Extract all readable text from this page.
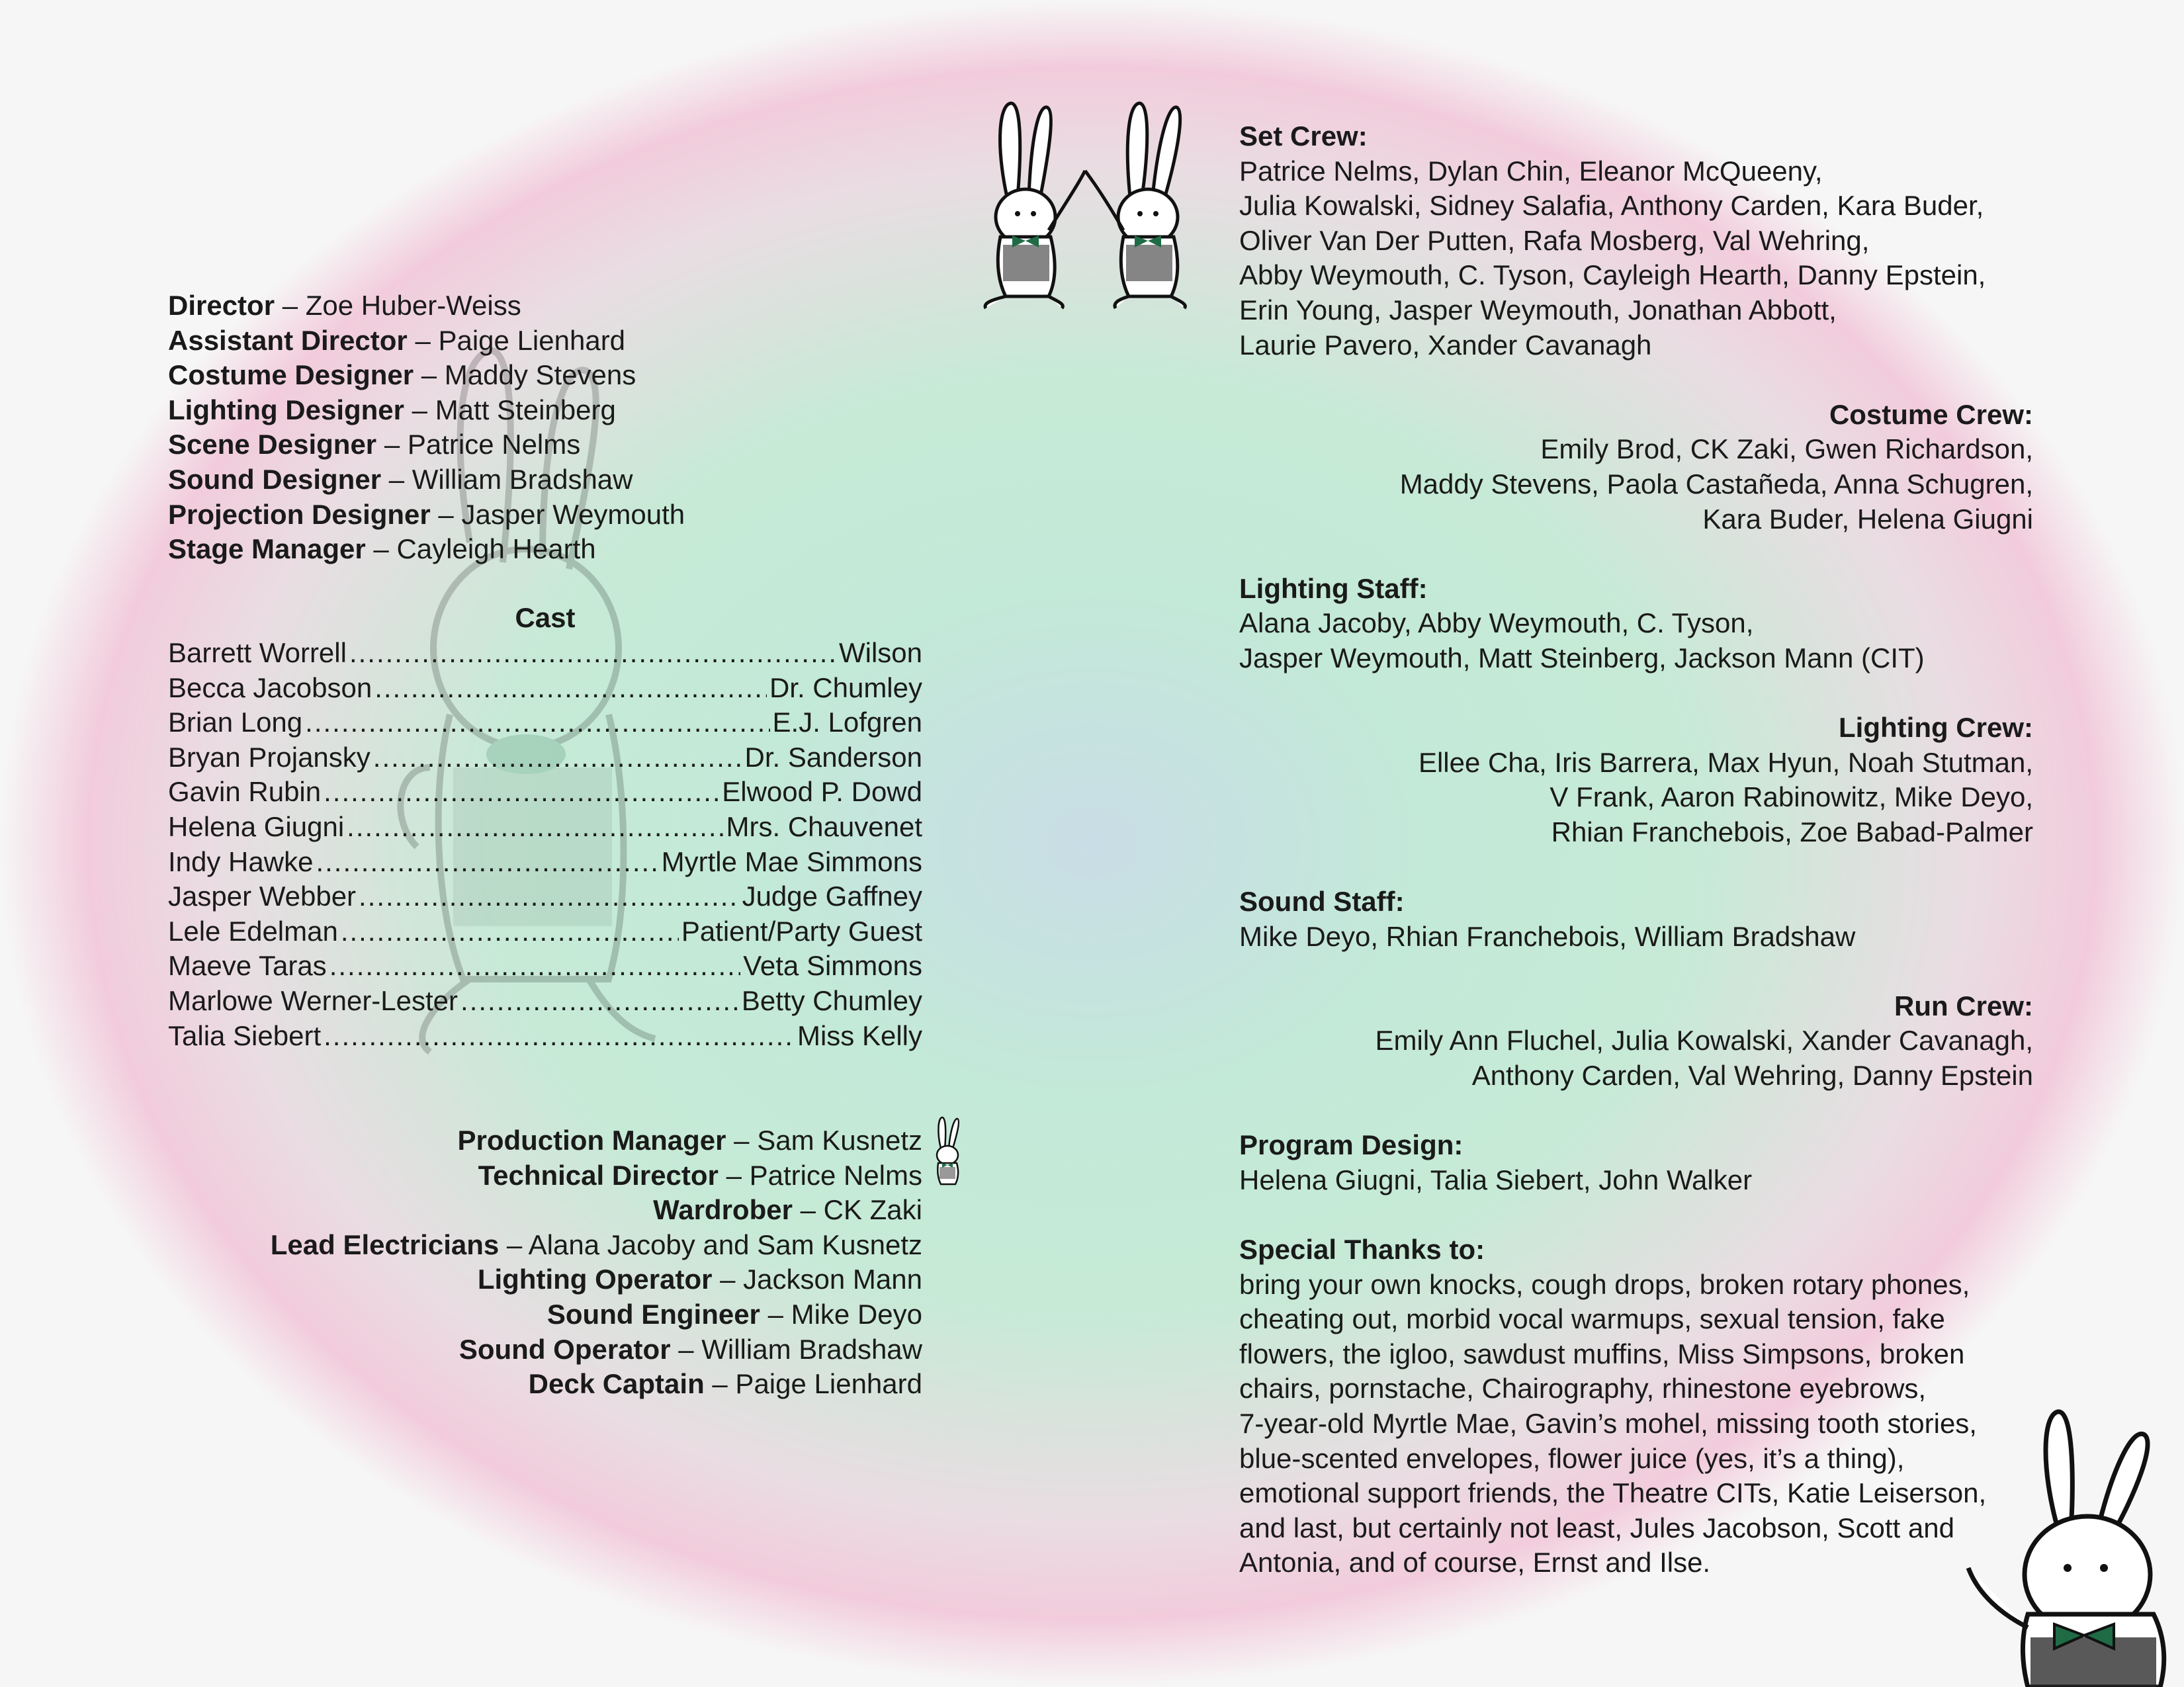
Director – Zoe Huber-Weiss
Assistant Director – Paige Lienhard
Costume Designer – Maddy Stevens
Lighting Designer – Matt Steinberg
Scene Designer – Patrice Nelms
Sound Designer – William Bradshaw
Projection Designer – Jasper Weymouth
Stage Manager – Cayleigh Hearth
Cast
Barrett Worrell .....	Wilson
Becca Jacobson .....	Dr. Chumley
Brian Long .....	E.J. Lofgren
Bryan Projansky .....	Dr. Sanderson
Gavin Rubin .....	Elwood P. Dowd
Helena Giugni .....	Mrs. Chauvenet
Indy Hawke .....	Myrtle Mae Simmons
Jasper Webber .....	Judge Gaffney
Lele Edelman .....	Patient/Party Guest
Maeve Taras .....	Veta Simmons
Marlowe Werner-Lester .....	Betty Chumley
Talia Siebert .....	Miss Kelly
Production Manager – Sam Kusnetz
Technical Director – Patrice Nelms
Wardrober – CK Zaki
Lead Electricians – Alana Jacoby and Sam Kusnetz
Lighting Operator – Jackson Mann
Sound Engineer – Mike Deyo
Sound Operator – William Bradshaw
Deck Captain – Paige Lienhard
Set Crew:
Patrice Nelms, Dylan Chin, Eleanor McQueeny,
Julia Kowalski, Sidney Salafia, Anthony Carden, Kara Buder,
Oliver Van Der Putten, Rafa Mosberg, Val Wehring,
Abby Weymouth, C. Tyson, Cayleigh Hearth, Danny Epstein,
Erin Young, Jasper Weymouth, Jonathan Abbott,
Laurie Pavero, Xander Cavanagh
Costume Crew:
Emily Brod, CK Zaki, Gwen Richardson,
Maddy Stevens, Paola Castañeda, Anna Schugren,
Kara Buder, Helena Giugni
Lighting Staff:
Alana Jacoby, Abby Weymouth, C. Tyson,
Jasper Weymouth, Matt Steinberg, Jackson Mann (CIT)
Lighting Crew:
Ellee Cha, Iris Barrera, Max Hyun, Noah Stutman,
V Frank, Aaron Rabinowitz, Mike Deyo,
Rhian Franchebois, Zoe Babad-Palmer
Sound Staff:
Mike Deyo, Rhian Franchebois, William Bradshaw
Run Crew:
Emily Ann Fluchel, Julia Kowalski, Xander Cavanagh,
Anthony Carden, Val Wehring, Danny Epstein
Program Design:
Helena Giugni, Talia Siebert, John Walker
Special Thanks to:
bring your own knocks, cough drops, broken rotary phones,
cheating out, morbid vocal warmups, sexual tension, fake
flowers, the igloo, sawdust muffins, Miss Simpsons, broken
chairs, pornstache, Chairography, rhinestone eyebrows,
7-year-old Myrtle Mae, Gavin’s mohel, missing tooth stories,
blue-scented envelopes, flower juice (yes, it’s a thing),
emotional support friends, the Theatre CITs, Katie Leiserson,
and last, but certainly not least, Jules Jacobson, Scott and
Antonia, and of course, Ernst and Ilse.
